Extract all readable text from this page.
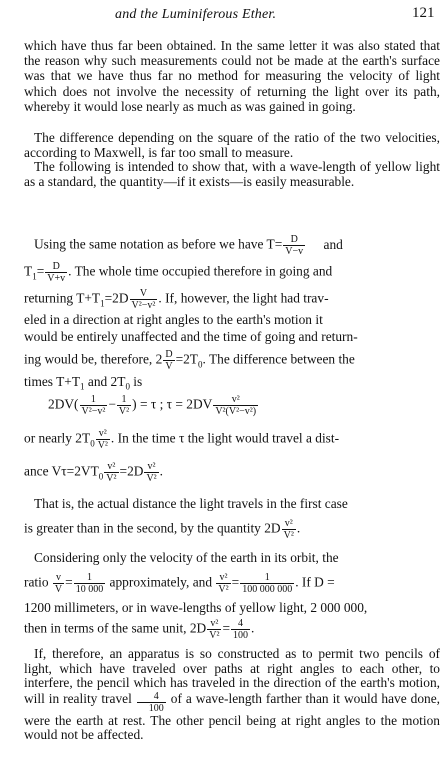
and the Luminiferous Ether.	121

which have thus far been obtained. In the same letter it was also stated that the reason why such measurements could not be made at the earth's surface was that we have thus far no method for measuring the velocity of light which does not involve the necessity of returning the light over its path, whereby it would lose nearly as much as was gained in going.

The difference depending on the square of the ratio of the two velocities, according to Maxwell, is far too small to measure.

The following is intended to show that, with a wave-length of yellow light as a standard, the quantity—if it exists—is easily measurable.

Using the same notation as before we have $T= \frac{D}{V-v}$ and
$T_1= \frac{D}{V+v}$ . The whole time occupied therefore in going and
returning $T+T_1=2D \frac{V}{\text{V²−v²}}$ . If, however, the light had trav-
eled in a direction at right angles to the earth's motion it
would be entirely unaffected and the time of going and return-
ing would be, therefore, $2 \frac{D}{V} =2T_0$. The difference between the
times $T+T_1$ and $2T_0$ is
$2DV( \frac{1}{\text{V²−v²}} - \frac{1}{\text{V²}}$ ) = τ ; $\tau = 2DV \frac{\text{v²}}{\text{V²(V²−v²)}}$
or nearly $2T_0 \frac{\text{v²}}{\text{V²}}$ . In the time τ the light would travel a dist-
ance $V\tau=2VT_0 \frac{\text{v²}}{\text{V²}} =2D \frac{\text{v²}}{\text{V²}}$ .
That is, the actual distance the light travels in the first case
is greater than in the second, by the quantity $2D \frac{\text{v²}}{\text{V²}}$ .
Considering only the velocity of the earth in its orbit, the
ratio $\frac{v}{V} = \frac{1}{10 000}$ approximately, and $\frac{\text{v²}}{\text{V²}} = \frac{1}{100 000 000}$ . If D =
1200 millimeters, or in wave-lengths of yellow light, 2 000 000,
then in terms of the same unit, $2D \frac{\text{v²}}{\text{V²}} = \frac{4}{100}$ .

If, therefore, an apparatus is so constructed as to permit two pencils of light, which have traveled over paths at right angles to each other, to interfere, the pencil which has traveled in the direction of the earth's motion, will in reality travel $\frac{4}{100}$ of a wave-length farther than it would have done, were the earth at rest. The other pencil being at right angles to the motion would not be affected.
